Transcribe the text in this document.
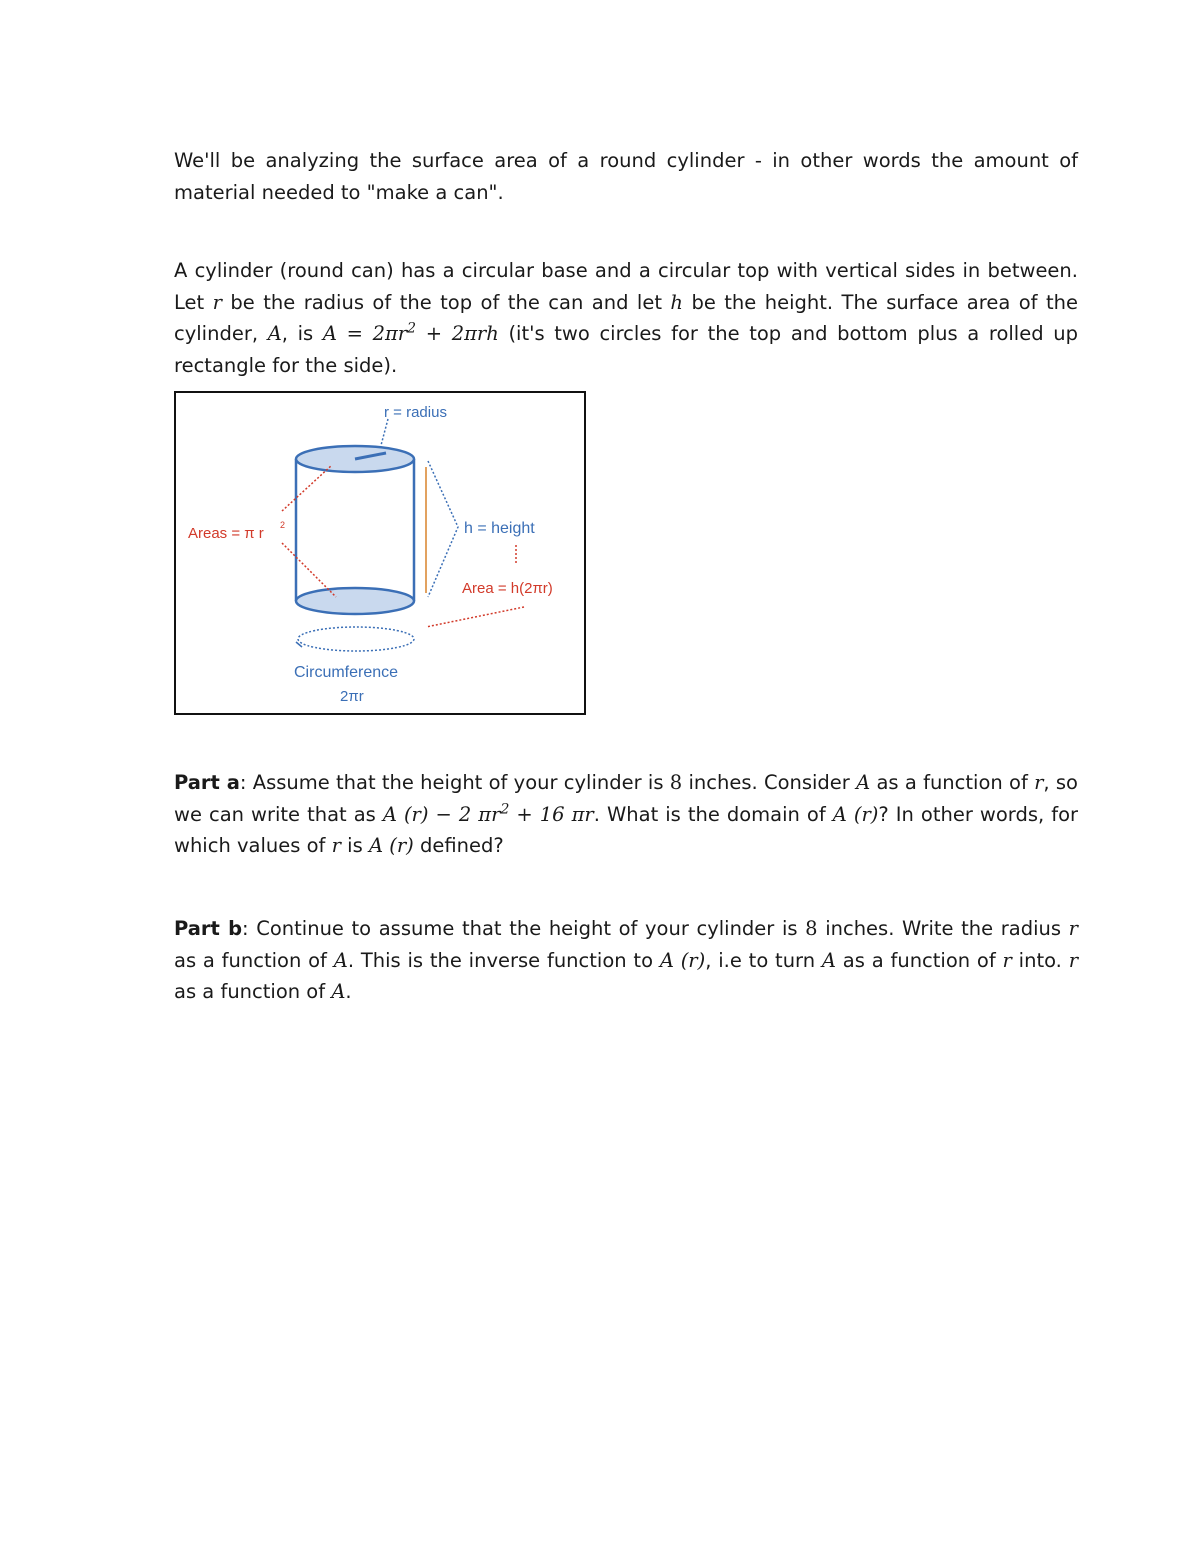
We'll be analyzing the surface area of a round cylinder - in other words the amount of material needed to "make a can".

A cylinder (round can) has a circular base and a circular top with vertical sides in between. Let r be the radius of the top of the can and let h be the height. The surface area of the cylinder, A, is $A = 2\pi r^2 + 2\pi rh$ (it's two circles for the top and bottom plus a rolled up rectangle for the side).

r = radius
Areas = π r 2	h = height
Area = h(2πr)
Circumference
2πr

Part a: Assume that the height of your cylinder is 8 inches. Consider A as a function of r, so we can write that as A (r) − 2 $\pi r^2 + 16$ πr. What is the domain of A (r)? In other words, for which values of r is A (r) defined?

Part b: Continue to assume that the height of your cylinder is 8 inches. Write the radius r as a function of A. This is the inverse function to A (r), i.e to turn A as a function of r into. r as a function of A.
